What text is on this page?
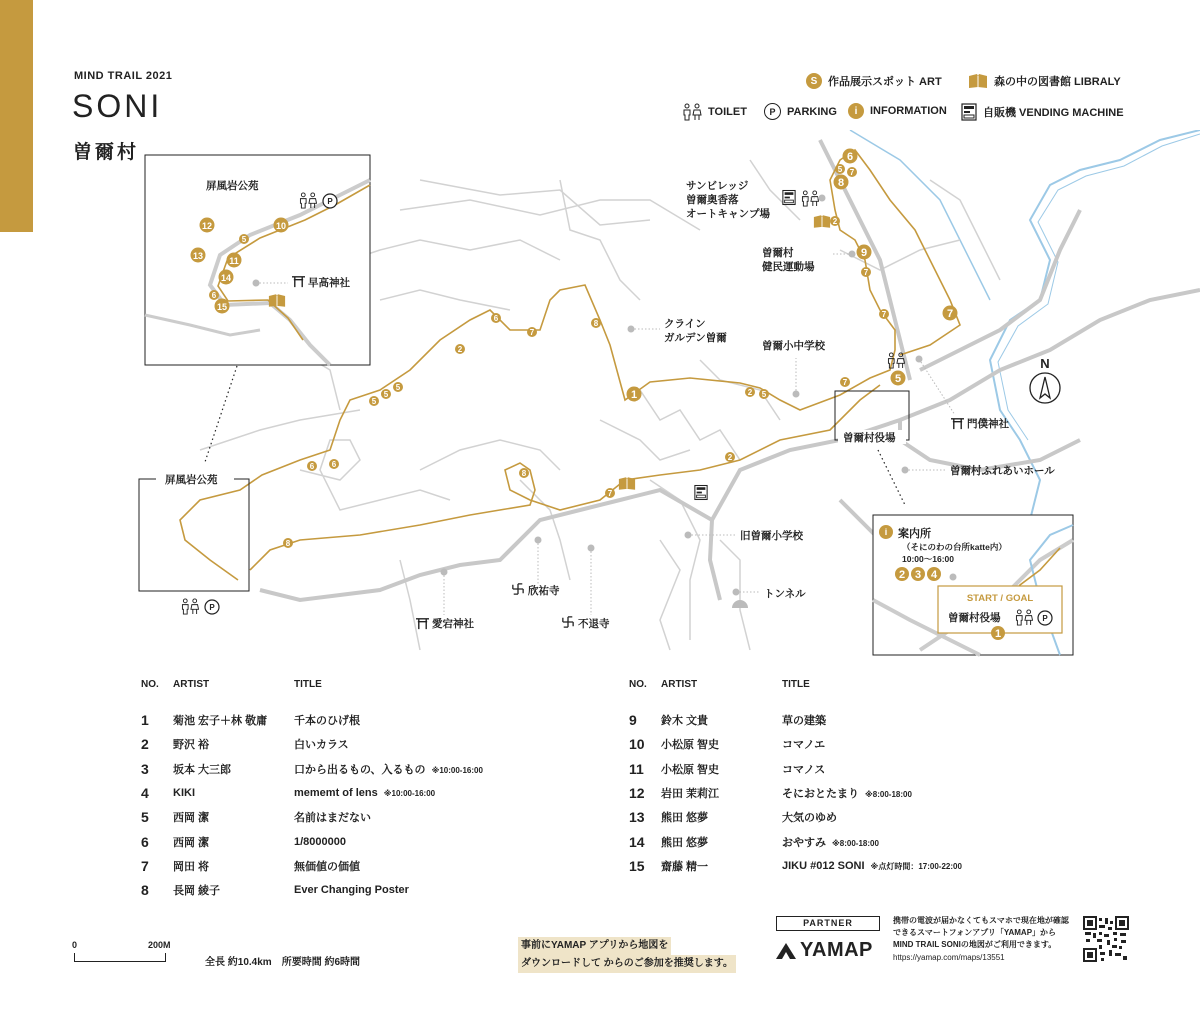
MIND TRAIL 2021
SONI
曽爾村
S 作品展示スポット ART	森の中の図書館 LIBRALY
TOILET	P	PARKING	i	INFORMATION	自販機 VENDING MACHINE
1	2 5
8
7
6
2
5
5
5
6
6
8
8
7
2
7	5
7
7
7
9
2
6
5 7
8
サンビレッジ曽爾奥香落オートキャンプ場
曽爾村健民運動場
クラインガルデン曽爾
曽爾小中学校
門僕神社
曽爾村役場
曽爾村ふれあいホール
旧曽爾小学校
トンネル
欣祐寺
不退寺
愛宕神社
屏風岩公苑
P
N
10
5
12
13	11
14
6
15
早高神社
屏風岩公苑
P
i 案内所
（そにのわの台所katte内）
10:00〜16:00
2 3 4
START / GOAL
曽爾村役場	P
1
NO.	ARTIST	TITLE
1	菊池 宏子＋林 敬庸	千本のひげ根
2	野沢 裕	白いカラス
3	坂本 大三郎	口から出るもの、入るもの ※10:00-16:00
4	KIKI	mememt of lens ※10:00-16:00
5	西岡 潔	名前はまだない
6	西岡 潔	1/8000000
7	岡田 将	無価値の価値
8	長岡 綾子	Ever Changing Poster
NO.	ARTIST	TITLE
9	鈴木 文貴	草の建築
10	小松原 智史	コマノエ
11	小松原 智史	コマノス
12	岩田 茉莉江	そにおとたまり ※8:00-18:00
13	熊田 悠夢	大気のゆめ
14	熊田 悠夢	おやすみ ※8:00-18:00
15	齋藤 精一	JIKU #012 SONI ※点灯時間：17:00-22:00
0	200M
全長 約10.4km　所要時間 約6時間
事前にYAMAP アプリから地図を
ダウンロードして からのご参加を推奨します。
PARTNER
YAMAP
携帯の電波が届かなくてもスマホで現在地が確認できるスマートフォンアプリ「YAMAP」からMIND TRAIL SONIの地図がご利用できます。
https://yamap.com/maps/13551
